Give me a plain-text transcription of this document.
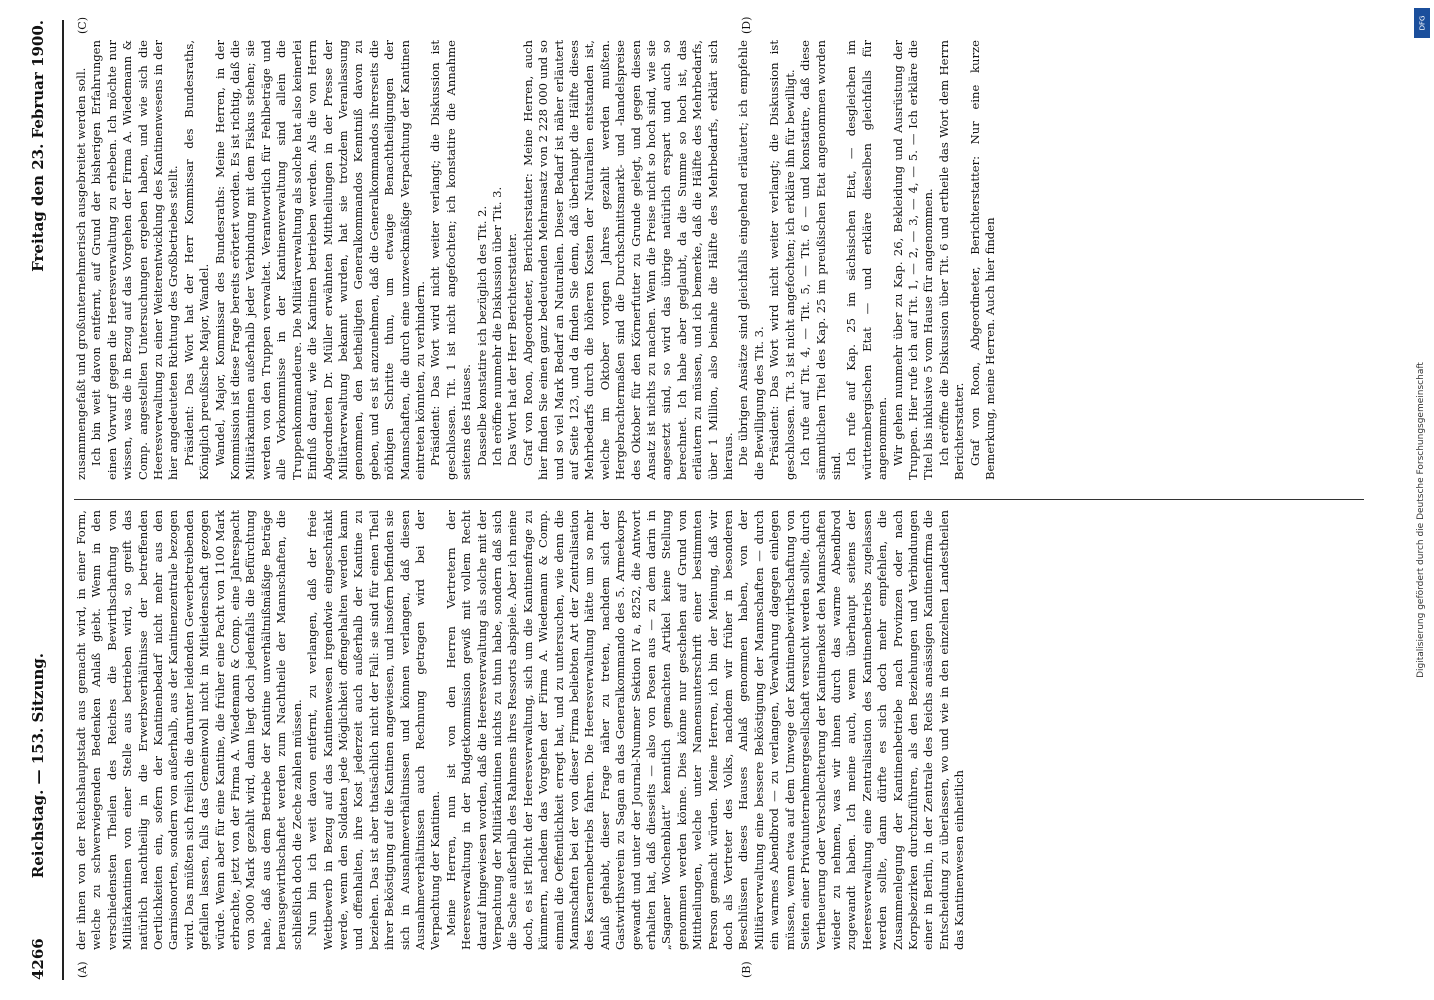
4266
Reichstag. — 153. Sitzung.
Freitag den 23. Februar 1900.
(A)	(B)
(C)	(D)

der ihnen von der Reichshauptstadt aus gemacht wird, in einer Form, welche zu schwerwiegenden Bedenken Anlaß giebt. Wenn in den verschiedensten Theilen des Reiches die Bewirthschaftung von Militärkantinen von einer Stelle aus betrieben wird, so greift das natürlich nachtheilig in die Erwerbsverhältnisse der betreffenden Oertlichkeiten ein, sofern der Kantinenbedarf nicht mehr aus den Garnisonorten, sondern von außerhalb, aus der Kantinenzentrale bezogen wird. Das müßten sich freilich die darunter leidenden Gewerbetreibenden gefallen lassen, falls das Gemeinwohl nicht in Mitleidenschaft gezogen würde. Wenn aber für eine Kantine, die früher eine Pacht von 1100 Mark erbrachte, jetzt von der Firma A. Wiedemann & Comp. eine Jahrespacht von 3000 Mark gezahlt wird, dann liegt doch jedenfalls die Befürchtung nahe, daß aus dem Betriebe der Kantine unverhältnißmäßige Beträge herausgewirthschaftet werden zum Nachtheile der Mannschaften, die schließlich doch die Zeche zahlen müssen. Nun bin ich weit davon entfernt, zu verlangen, daß der freie Wettbewerb in Bezug auf das Kantinenwesen irgendwie eingeschränkt werde, wenn den Soldaten jede Möglichkeit offengehalten werden kann und offenhalten, ihre Kost jederzeit auch außerhalb der Kantine zu beziehen. Das ist aber thatsächlich nicht der Fall: sie sind für einen Theil ihrer Beköstigung auf die Kantinen angewiesen, und insofern befinden sie sich in Ausnahmeverhältnissen und können verlangen, daß diesen Ausnahmeverhältnissen auch Rechnung getragen wird bei der Verpachtung der Kantinen. Meine Herren, nun ist von den Herren Vertretern der Heeresverwaltung in der Budgetkommission gewiß mit vollem Recht darauf hingewiesen worden, daß die Heeresverwaltung als solche mit der Verpachtung der Militärkantinen nichts zu thun habe, sondern daß sich die Sache außerhalb des Rahmens ihres Ressorts abspiele. Aber ich meine doch, es ist Pflicht der Heeresverwaltung, sich um die Kantinenfrage zu kümmern, nachdem das Vorgehen der Firma A. Wiedemann & Comp. einmal die Oeffentlichkeit erregt hat, und zu untersuchen, wie denn die Mannschaften bei der von dieser Firma beliebten Art der Zentralisation des Kasernenbetriebs fahren. Die Heeresverwaltung hätte um so mehr Anlaß gehabt, dieser Frage näher zu treten, nachdem sich der Gastwirthsverein zu Sagan an das Generalkommando des 5. Armeekorps gewandt und unter der Journal-Nummer Sektion IV a, 8252, die Antwort erhalten hat, daß diesseits — also von Posen aus — zu dem darin in „Saganer Wochenblatt“ kenntlich gemachten Artikel keine Stellung genommen werden könne. Dies könne nur geschehen auf Grund von Mittheilungen, welche unter Namensunterschrift einer bestimmten Person gemacht würden. Meine Herren, ich bin der Meinung, daß wir doch als Vertreter des Volks, nachdem wir früher in besonderen Beschlüssen dieses Hauses Anlaß genommen haben, von der Militärverwaltung eine bessere Beköstigung der Mannschaften — durch ein warmes Abendbrod — zu verlangen, Verwahrung dagegen einlegen müssen, wenn etwa auf dem Umwege der Kantinenbewirthschaftung von Seiten einer Privatunternehmergesellschaft versucht werden sollte, durch Vertheuerung oder Verschlechterung der Kantinenkost den Mannschaften wieder zu nehmen, was wir ihnen durch das warme Abendbrod zugewandt haben. Ich meine auch, wenn überhaupt seitens der Heeresverwaltung eine Zentralisation des Kantinenbetriebs zugelassen werden sollte, dann dürfte es sich doch mehr empfehlen, die Zusammenlegung der Kantinenbetriebe nach Provinzen oder nach Korpsbezirken durchzuführen, als den Beziehungen und Verbindungen einer in Berlin, in der Zentrale des Reichs ansässigen Kantinenfirma die Entscheidung zu überlassen, wo und wie in den einzelnen Landestheilen das Kantinenwesen einheitlich

zusammengefaßt und großunternehmerisch ausgebreitet werden soll. Ich bin weit davon entfernt, auf Grund der bisherigen Erfahrungen einen Vorwurf gegen die Heeresverwaltung zu erheben. Ich möchte nur wissen, was die in Bezug auf das Vorgehen der Firma A. Wiedemann & Comp. angestellten Untersuchungen ergeben haben, und wie sich die Heeresverwaltung zu einer Weiterentwicklung des Kantinenwesens in der hier angedeuteten Richtung des Großbetriebes stellt. Präsident: Das Wort hat der Herr Kommissar des Bundesraths, Königlich preußische Major, Wandel. Wandel, Major, Kommissar des Bundesraths: Meine Herren, in der Kommission ist diese Frage bereits erörtert worden. Es ist richtig, daß die Militärkantinen außerhalb jeder Verbindung mit dem Fiskus stehen; sie werden von den Truppen verwaltet. Verantwortlich für Fehlbeträge und alle Vorkommnisse in der Kantinenverwaltung sind allein die Truppenkommandeure. Die Militärverwaltung als solche hat also keinerlei Einfluß darauf, wie die Kantinen betrieben werden. Als die von Herrn Abgeordneten Dr. Müller erwähnten Mittheilungen in der Presse der Militärverwaltung bekannt wurden, hat sie trotzdem Veranlassung genommen, den betheiligten Generalkommandos Kenntniß davon zu geben, und es ist anzunehmen, daß die Generalkommandos ihrerseits die nöthigen Schritte thun, um etwaige Benachtheiligungen der Mannschaften, die durch eine unzweckmäßige Verpachtung der Kantinen eintreten könnten, zu verhindern. Präsident: Das Wort wird nicht weiter verlangt; die Diskussion ist geschlossen. Tit. 1 ist nicht angefochten; ich konstatire die Annahme seitens des Hauses. Dasselbe konstatire ich bezüglich des Tit. 2. Ich eröffne nunmehr die Diskussion über Tit. 3. Das Wort hat der Herr Berichterstatter. Graf von Roon, Abgeordneter, Berichterstatter: Meine Herren, auch hier finden Sie einen ganz bedeutenden Mehransatz von 2 228 000 und so und so viel Mark Bedarf an Naturalien. Dieser Bedarf ist näher erläutert auf Seite 123, und da finden Sie denn, daß überhaupt die Hälfte dieses Mehrbedarfs durch die höheren Kosten der Naturalien entstanden ist, welche im Oktober vorigen Jahres gezahlt werden mußten. Hergebrachtermaßen sind die Durchschnittsmarkt- und -handelspreise des Oktober für den Körnerfutter zu Grunde gelegt, und gegen diesen Ansatz ist nichts zu machen. Wenn die Preise nicht so hoch sind, wie sie angesetzt sind, so wird das übrige natürlich erspart und auch so berechnet. Ich habe aber geglaubt, da die Summe so hoch ist, das erläutern zu müssen, und ich bemerke, daß die Hälfte des Mehrbedarfs, über 1 Million, also beinahe die Hälfte des Mehrbedarfs, erklärt sich hieraus. Die übrigen Ansätze sind gleichfalls eingehend erläutert; ich empfehle die Bewilligung des Tit. 3. Präsident: Das Wort wird nicht weiter verlangt; die Diskussion ist geschlossen. Tit. 3 ist nicht angefochten; ich erkläre ihn für bewilligt. Ich rufe auf Tit. 4, — Tit. 5, — Tit. 6 — und konstatire, daß diese sämmtlichen Titel des Kap. 25 im preußischen Etat angenommen worden sind. Ich rufe auf Kap. 25 im sächsischen Etat, — desgleichen im württembergischen Etat — und erkläre dieselben gleichfalls für angenommen. Wir gehen nunmehr über zu Kap. 26, Bekleidung und Ausrüstung der Truppen. Hier rufe ich auf Tit. 1, — 2, — 3, — 4, — 5. — Ich erkläre die Titel bis inklusive 5 vom Hause für angenommen. Ich eröffne die Diskussion über Tit. 6 und ertheile das Wort dem Herrn Berichterstatter. Graf von Roon, Abgeordneter, Berichterstatter: Nur eine kurze Bemerkung, meine Herren. Auch hier finden

DFG
Digitalisierung gefördert durch die Deutsche Forschungsgemeinschaft
